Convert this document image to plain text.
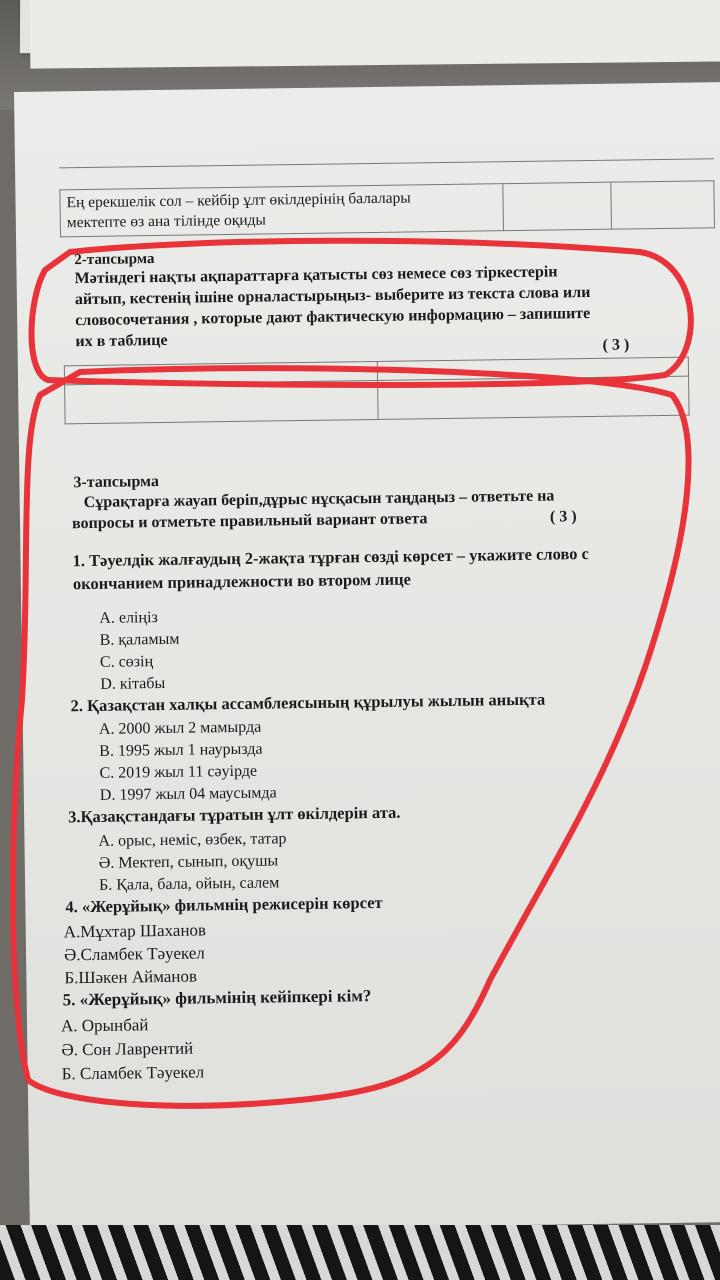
Ең ерекшелік сол – кейбір ұлт өкілдерінің балалары
мектепте өз ана тілінде оқиды

2-тапсырма
Мәтіндегі нақты ақпараттарға қатысты сөз немесе сөз тіркестерін
айтып, кестенің ішіне орналастырыңыз- выберите из текста слова или
словосочетания , которые дают фактическую информацию – запишите
их в таблице	( 3 )

3-тапсырма
Сұрақтарға жауап беріп,дұрыс нұсқасын таңдаңыз – ответьте на
вопросы и отметьте правильный вариант ответа	( 3 )
1. Тәуелдік жалғаудың 2-жақта тұрған сөзді көрсет – укажите слово с
окончанием принадлежности во втором лице
A. еліңіз
B. қаламым
C. сөзің
D. кітабы
2. Қазақстан халқы ассамблеясының құрылуы жылын анықта
A. 2000 жыл 2 мамырда
B. 1995 жыл 1 наурызда
C. 2019 жыл 11 сәуірде
D. 1997 жыл 04 маусымда
3.Қазақстандағы тұратын ұлт өкілдерін ата.
А. орыс, неміс, өзбек, татар
Ә. Мектеп, сынып, оқушы
Б. Қала, бала, ойын, салем
4. «Жерұйық» фильмнің режисерін көрсет
А.Мұхтар Шаханов
Ә.Сламбек Тәуекел
Б.Шәкен Айманов
5. «Жерұйық» фильмінің кейіпкері кім?
А. Орынбай
Ә. Сон Лаврентий
Б. Сламбек Тәуекел
